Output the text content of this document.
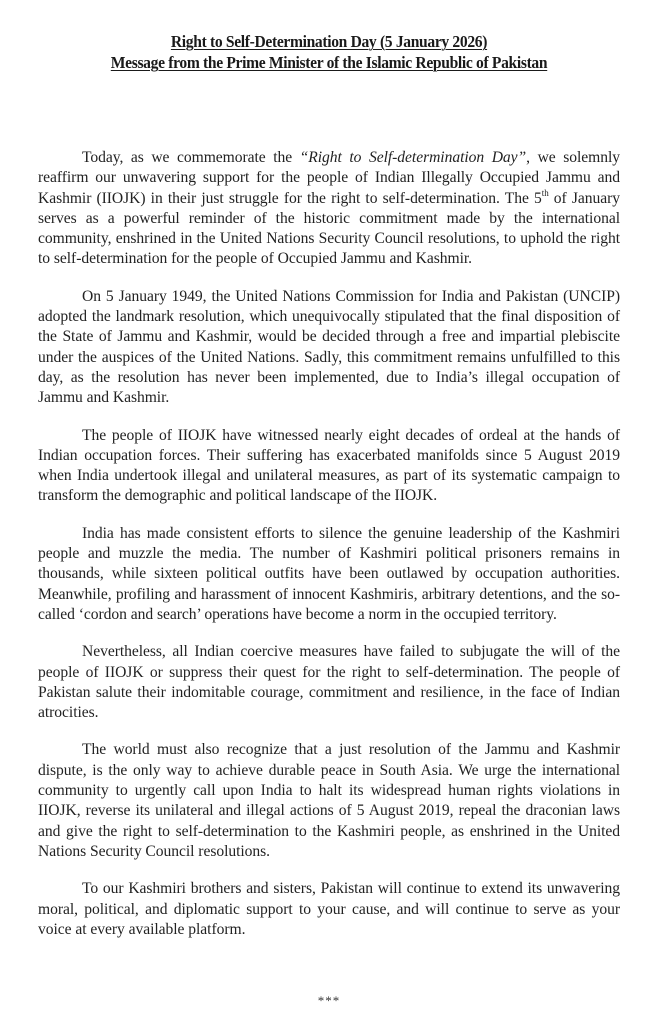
Right to Self-Determination Day (5 January 2026)
Message from the Prime Minister of the Islamic Republic of Pakistan

Today, as we commemorate the “Right to Self-determination Day”, we solemnly reaffirm our unwavering support for the people of Indian Illegally Occupied Jammu and Kashmir (IIOJK) in their just struggle for the right to self-determination. The 5th of January serves as a powerful reminder of the historic commitment made by the international community, enshrined in the United Nations Security Council resolutions, to uphold the right to self-determination for the people of Occupied Jammu and Kashmir.

On 5 January 1949, the United Nations Commission for India and Pakistan (UNCIP) adopted the landmark resolution, which unequivocally stipulated that the final disposition of the State of Jammu and Kashmir, would be decided through a free and impartial plebiscite under the auspices of the United Nations. Sadly, this commitment remains unfulfilled to this day, as the resolution has never been implemented, due to India’s illegal occupation of Jammu and Kashmir.

The people of IIOJK have witnessed nearly eight decades of ordeal at the hands of Indian occupation forces. Their suffering has exacerbated manifolds since 5 August 2019 when India undertook illegal and unilateral measures, as part of its systematic campaign to transform the demographic and political landscape of the IIOJK.

India has made consistent efforts to silence the genuine leadership of the Kashmiri people and muzzle the media. The number of Kashmiri political prisoners remains in thousands, while sixteen political outfits have been outlawed by occupation authorities. Meanwhile, profiling and harassment of innocent Kashmiris, arbitrary detentions, and the so-called ‘cordon and search’ operations have become a norm in the occupied territory.

Nevertheless, all Indian coercive measures have failed to subjugate the will of the people of IIOJK or suppress their quest for the right to self-determination. The people of Pakistan salute their indomitable courage, commitment and resilience, in the face of Indian atrocities.

The world must also recognize that a just resolution of the Jammu and Kashmir dispute, is the only way to achieve durable peace in South Asia. We urge the international community to urgently call upon India to halt its widespread human rights violations in IIOJK, reverse its unilateral and illegal actions of 5 August 2019, repeal the draconian laws and give the right to self-determination to the Kashmiri people, as enshrined in the United Nations Security Council resolutions.

To our Kashmiri brothers and sisters, Pakistan will continue to extend its unwavering moral, political, and diplomatic support to your cause, and will continue to serve as your voice at every available platform.

***
